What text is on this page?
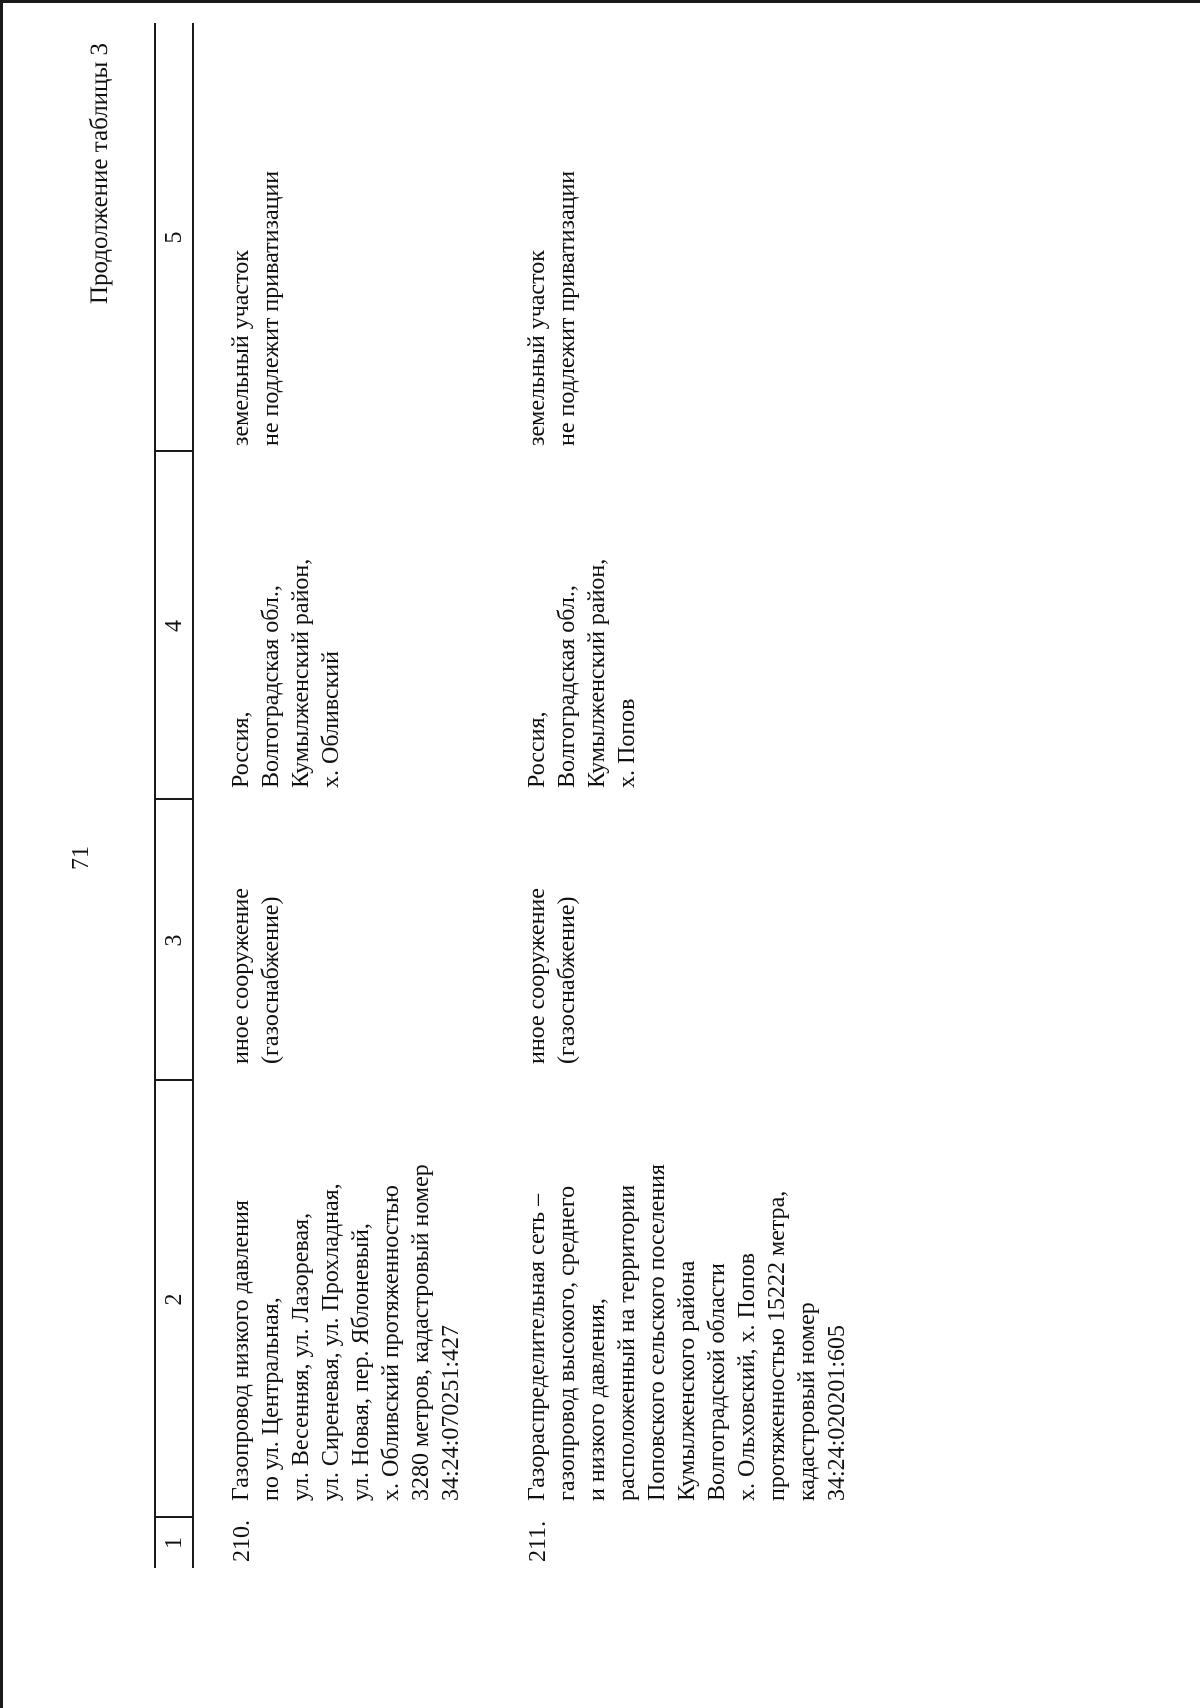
71
Продолжение таблицы 3
1
2
3
4
5
210.
Газопровод низкого давления
по ул. Центральная,
ул. Весенняя, ул. Лазоревая,
ул. Сиреневая, ул. Прохладная,
ул. Новая, пер. Яблоневый,
х. Обливский протяженностью
3280 метров, кадастровый номер
34:24:070251:427
иное сооружение
(газоснабжение)
Россия,
Волгоградская обл.,
Кумылженский район,
х. Обливский
земельный участок
не подлежит приватизации
211.
Газораспределительная сеть –
газопровод высокого, среднего
и низкого давления,
расположенный на территории
Поповского сельского поселения
Кумылженского района
Волгоградской области
х. Ольховский, х. Попов
протяженностью 15222 метра,
кадастровый номер
34:24:020201:605
иное сооружение
(газоснабжение)
Россия,
Волгоградская обл.,
Кумылженский район,
х. Попов
земельный участок
не подлежит приватизации
